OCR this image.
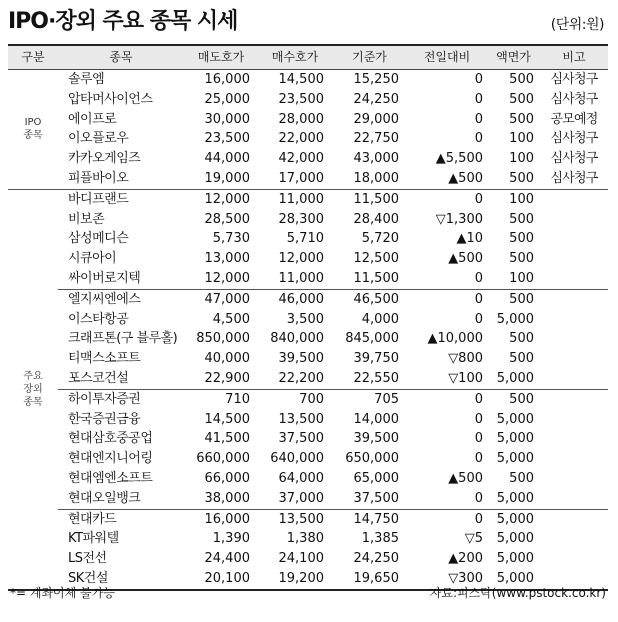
IPO·장외 주요 종목 시세	(단위:원)
구분	종목	매도호가	매수호가	기준가	전일대비	액면가	비고
IPO
종목	솔루엠	16,000	14,500	15,250	0	500	심사청구
	압타머사이언스	25,000	23,500	24,250	0	500	심사청구
	에이프로	30,000	28,000	29,000	0	500	공모예정
	이오플로우	23,500	22,000	22,750	0	100	심사청구
	카카오게임즈	44,000	42,000	43,000	▲5,500	100	심사청구
	피플바이오	19,000	17,000	18,000	▲500	500	심사청구
주요
장외
종목	바디프랜드	12,000	11,000	11,500	0	100	
	비보존	28,500	28,300	28,400	▽1,300	500	
	삼성메디슨	5,730	5,710	5,720	▲10	500	
	시큐아이	13,000	12,000	12,500	▲500	500	
	싸이버로지텍	12,000	11,000	11,500	0	100	
	엘지씨엔에스	47,000	46,000	46,500	0	500	
	이스타항공	4,500	3,500	4,000	0	5,000	
	크래프톤(구 블루홀)	850,000	840,000	845,000	▲10,000	500	
	티맥스소프트	40,000	39,500	39,750	▽800	500	
	포스코건설	22,900	22,200	22,550	▽100	5,000	
	하이투자증권	710	700	705	0	500	
	한국증권금융	14,500	13,500	14,000	0	5,000	
	현대삼호중공업	41,500	37,500	39,500	0	5,000	
	현대엔지니어링	660,000	640,000	650,000	0	5,000	
	현대엠엔소프트	66,000	64,000	65,000	▲500	500	
	현대오일뱅크	38,000	37,000	37,500	0	5,000	
	현대카드	16,000	13,500	14,750	0	5,000	
	KT파워텔	1,390	1,380	1,385	▽5	5,000	
	LS전선	24,400	24,100	24,250	▲200	5,000	
	SK건설	20,100	19,200	19,650	▽300	5,000	
*= 계좌이체 불가능	자료:피스탁(www.pstock.co.kr)
